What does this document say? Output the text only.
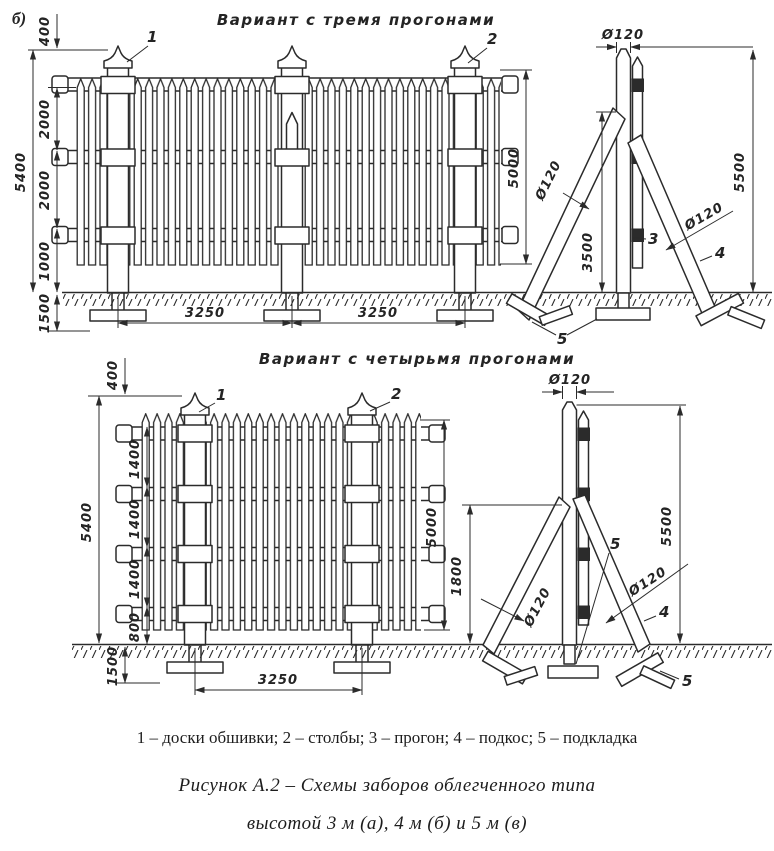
б)	Вариант с тремя прогонами
5400
400
2000
2000
1000
1500	3250	3250
5000
1	2	Ø120
5500
3500
Ø120
Ø120
3
4
5
Вариант с четырьмя прогонами
5400
400
1400
1400
1400
800
1500	3250
5000
1	2
Ø120
5500
1800
Ø120
Ø120
4
5
5

1 – доски обшивки; 2 – столбы; 3 – прогон; 4 – подкос; 5 – подкладка

Рисунок А.2 – Схемы заборов облегченного типа

высотой 3 м (а), 4 м (б) и 5 м (в)
